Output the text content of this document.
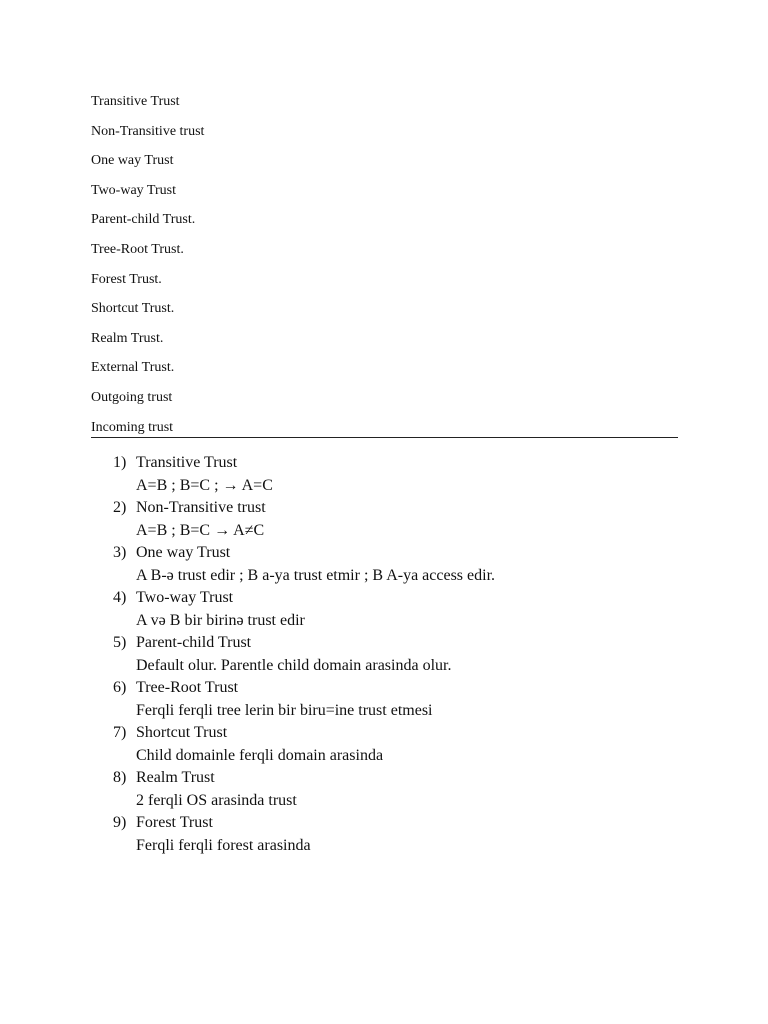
Transitive Trust
Non-Transitive trust
One way Trust
Two-way Trust
Parent-child Trust.
Tree-Root Trust.
Forest Trust.
Shortcut Trust.
Realm Trust.
External Trust.
Outgoing trust
Incoming trust
1) Transitive Trust
A=B ; B=C ; → A=C
2) Non-Transitive trust
A=B ; B=C → A≠C
3) One way Trust
A B-ə trust edir ; B a-ya trust etmir ; B A-ya access edir.
4) Two-way Trust
A və B bir birinə trust edir
5) Parent-child Trust
Default olur. Parentle child domain arasinda olur.
6) Tree-Root Trust
Ferqli ferqli tree lerin bir biru=ine trust etmesi
7) Shortcut Trust
Child domainle ferqli domain arasinda
8) Realm Trust
2 ferqli OS arasinda trust
9) Forest Trust
Ferqli ferqli forest arasinda
